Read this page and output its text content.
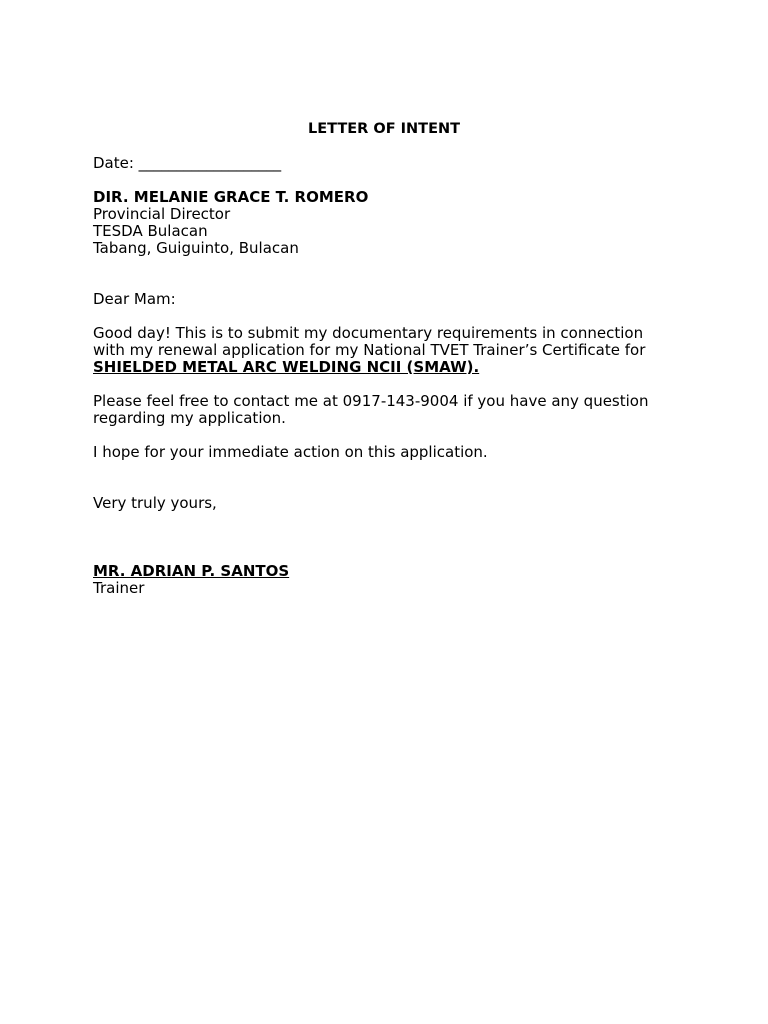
LETTER OF INTENT
Date: ___________________
DIR. MELANIE GRACE T. ROMERO
Provincial Director
TESDA Bulacan
Tabang, Guiguinto, Bulacan
Dear Mam:
Good day! This is to submit my documentary requirements in connection
with my renewal application for my National TVET Trainer’s Certificate for
SHIELDED METAL ARC WELDING NCII (SMAW).
Please feel free to contact me at 0917-143-9004 if you have any question
regarding my application.
I hope for your immediate action on this application.
Very truly yours,
MR. ADRIAN P. SANTOS
Trainer
